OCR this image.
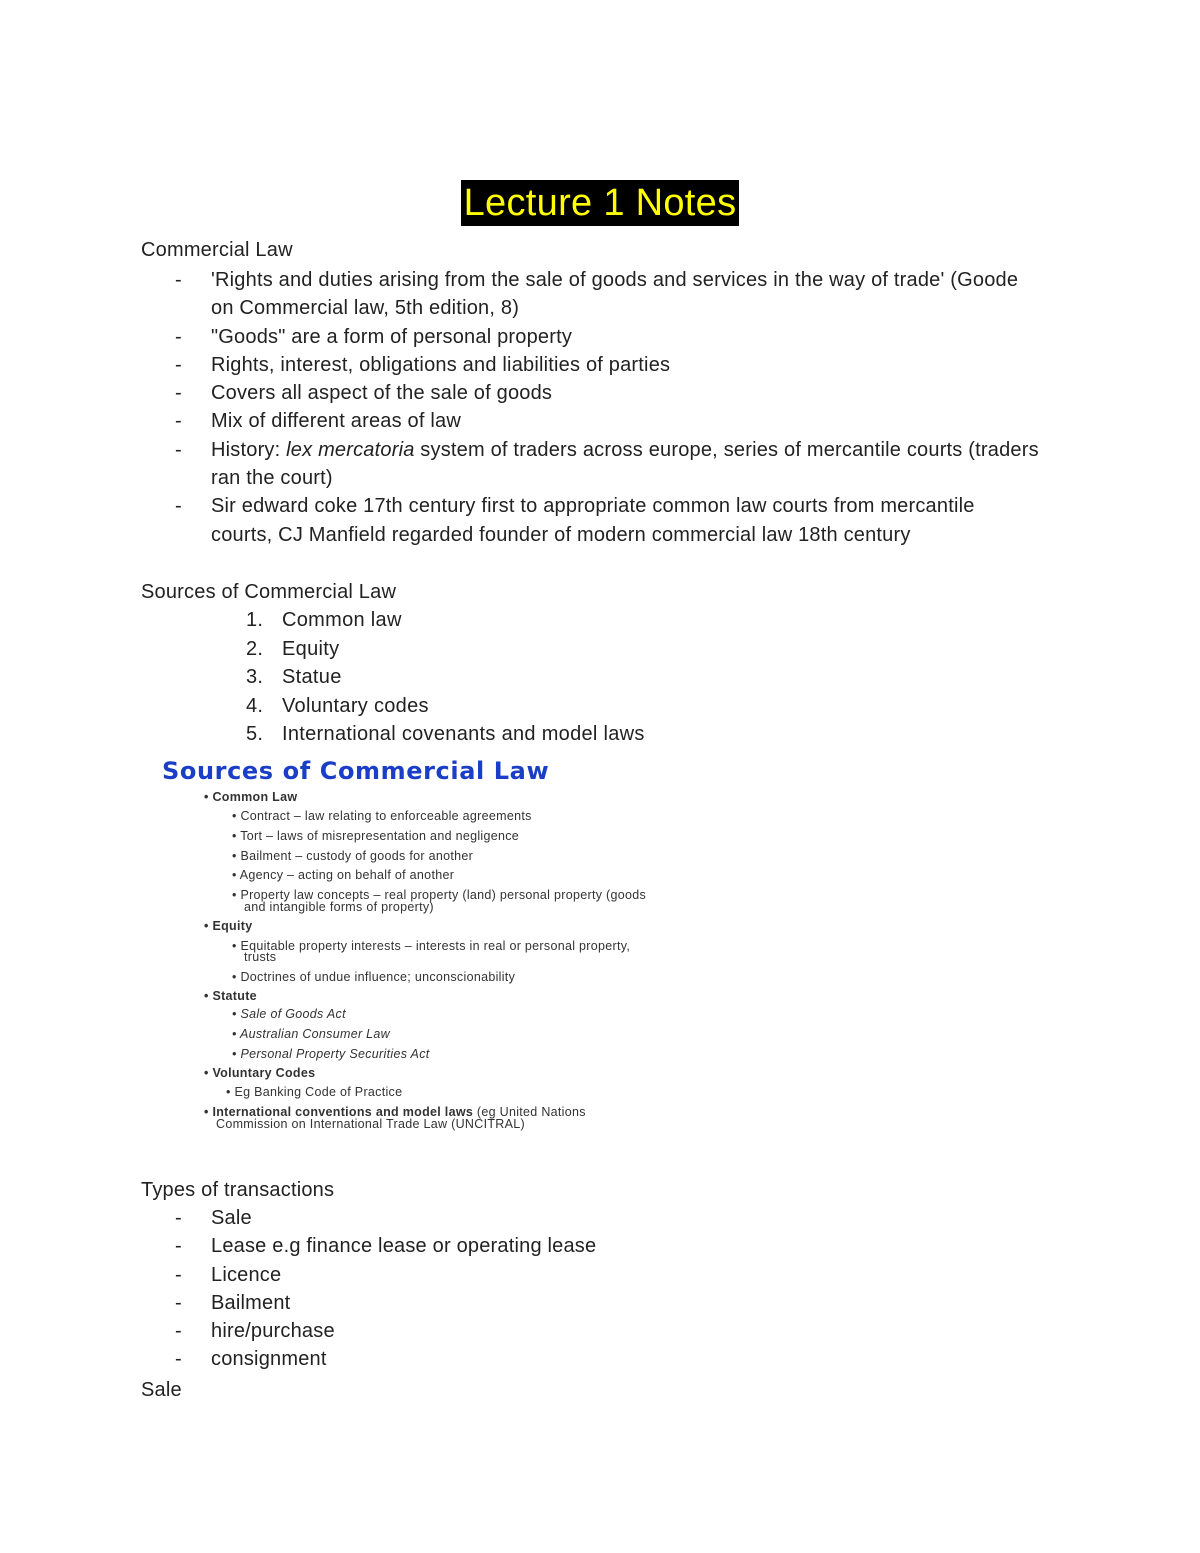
Lecture 1 Notes
Commercial Law
- 'Rights and duties arising from the sale of goods and services in the way of trade' (Goode on Commercial law, 5th edition, 8)
- "Goods" are a form of personal property
- Rights, interest, obligations and liabilities of parties
- Covers all aspect of the sale of goods
- Mix of different areas of law
- History: lex mercatoria system of traders across europe, series of mercantile courts (traders ran the court)
- Sir edward coke 17th century first to appropriate common law courts from mercantile courts, CJ Manfield regarded founder of modern commercial law 18th century
Sources of Commercial Law
1. Common law
2. Equity
3. Statue
4. Voluntary codes
5. International covenants and model laws
Sources of Commercial Law
• Common Law
• Contract – law relating to enforceable agreements
• Tort – laws of misrepresentation and negligence
• Bailment – custody of goods for another
• Agency – acting on behalf of another
• Property law concepts – real property (land) personal property (goods
and intangible forms of property)
• Equity
• Equitable property interests – interests in real or personal property,
trusts
• Doctrines of undue influence; unconscionability
• Statute
• Sale of Goods Act
• Australian Consumer Law
• Personal Property Securities Act
• Voluntary Codes
• Eg Banking Code of Practice
• International conventions and model laws (eg United Nations
Commission on International Trade Law (UNCITRAL)
Types of transactions
- Sale
- Lease e.g finance lease or operating lease
- Licence
- Bailment
- hire/purchase
- consignment
Sale
